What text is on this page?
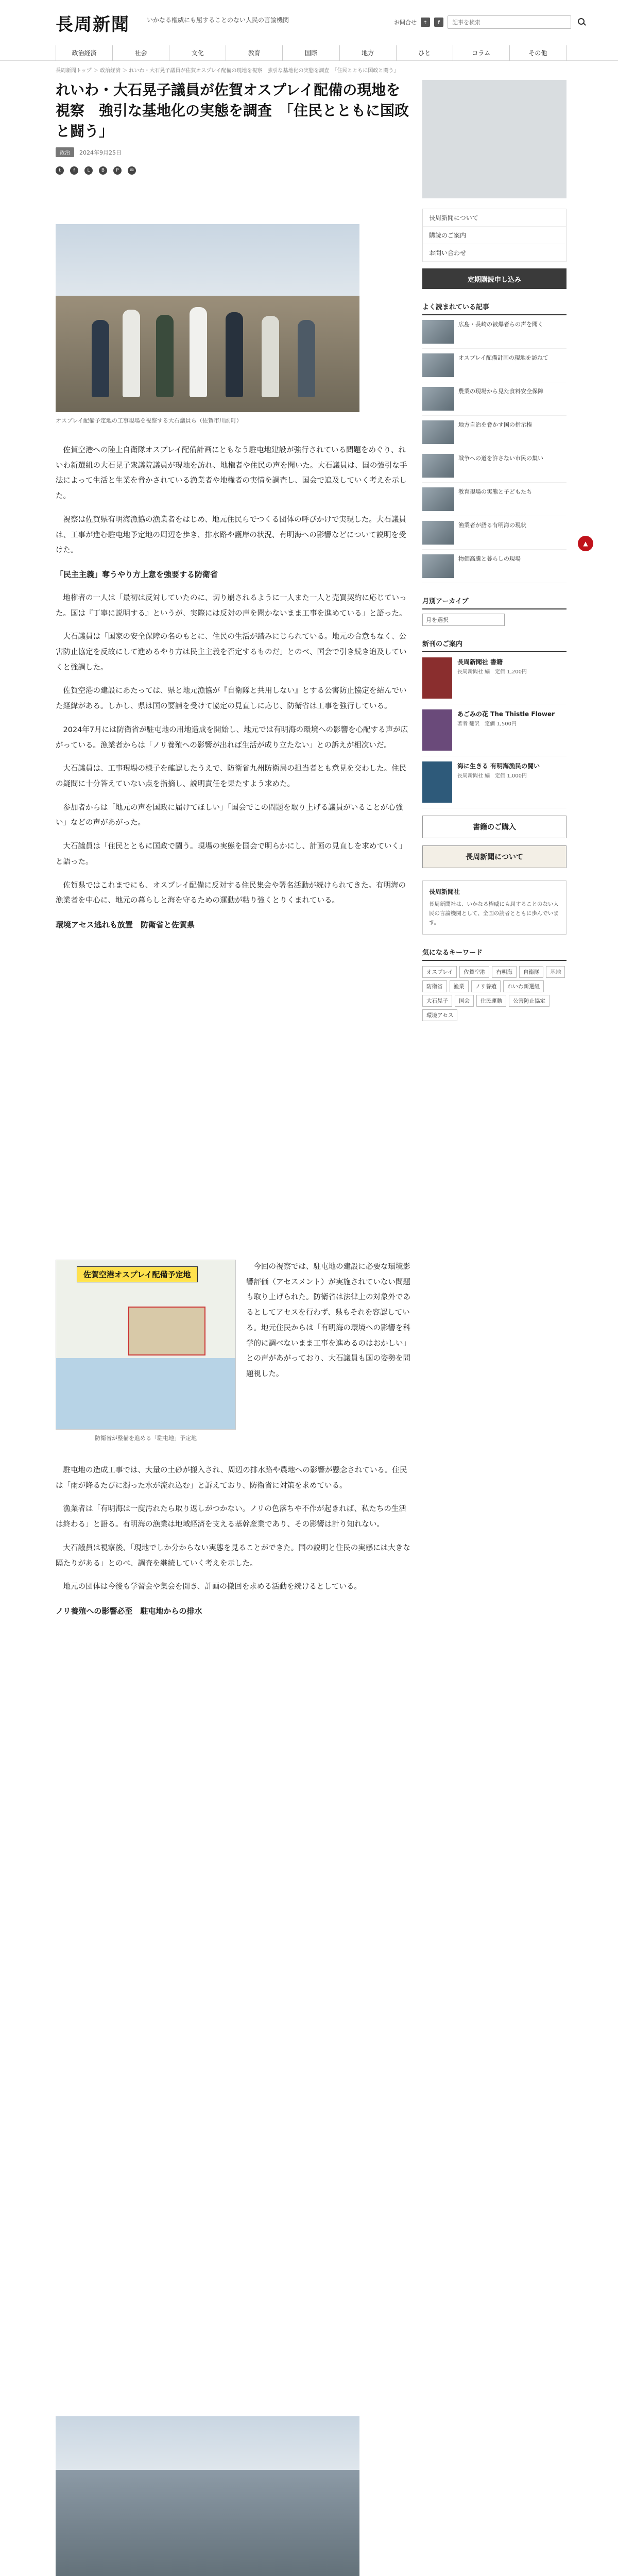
長周新聞	いかなる権威にも屈することのない人民の言論機関	お問合せ	t	f
記事を検索
政治経済	社会	文化	教育	国際	地方	ひと	コラム	その他
長周新聞トップ ＞ 政治経済 ＞ れいわ・大石晃子議員が佐賀オスプレイ配備の現地を視察　強引な基地化の実態を調査　「住民とともに国政と闘う」
れいわ・大石晃子議員が佐賀オスプレイ配備の現地を視察　強引な基地化の実態を調査　「住民とともに国政と闘う」
政治	2024年9月25日
t	f	L	B	P	✉
オスプレイ配備予定地の工事現場を視察する大石議員ら（佐賀市川副町）

佐賀空港への陸上自衛隊オスプレイ配備計画にともなう駐屯地建設が強行されている問題をめぐり、れいわ新選組の大石晃子衆議院議員が現地を訪れ、地権者や住民の声を聞いた。大石議員は、国の強引な手法によって生活と生業を脅かされている漁業者や地権者の実情を調査し、国会で追及していく考えを示した。

視察は佐賀県有明海漁協の漁業者をはじめ、地元住民らでつくる団体の呼びかけで実現した。大石議員は、工事が進む駐屯地予定地の周辺を歩き、排水路や護岸の状況、有明海への影響などについて説明を受けた。

「民主主義」奪うやり方上意を強要する防衛省

地権者の一人は「最初は反対していたのに、切り崩されるように一人また一人と売買契約に応じていった。国は『丁寧に説明する』というが、実際には反対の声を聞かないまま工事を進めている」と語った。

大石議員は「国家の安全保障の名のもとに、住民の生活が踏みにじられている。地元の合意もなく、公害防止協定を反故にして進めるやり方は民主主義を否定するものだ」とのべ、国会で引き続き追及していくと強調した。

佐賀空港の建設にあたっては、県と地元漁協が『自衛隊と共用しない』とする公害防止協定を結んでいた経緯がある。しかし、県は国の要請を受けて協定の見直しに応じ、防衛省は工事を強行している。

2024年7月には防衛省が駐屯地の用地造成を開始し、地元では有明海の環境への影響を心配する声が広がっている。漁業者からは「ノリ養殖への影響が出れば生活が成り立たない」との訴えが相次いだ。

大石議員は、工事現場の様子を確認したうえで、防衛省九州防衛局の担当者とも意見を交わした。住民の疑問に十分答えていない点を指摘し、説明責任を果たすよう求めた。

参加者からは「地元の声を国政に届けてほしい」「国会でこの問題を取り上げる議員がいることが心強い」などの声があがった。

大石議員は「住民とともに国政で闘う。現場の実態を国会で明らかにし、計画の見直しを求めていく」と語った。

佐賀県ではこれまでにも、オスプレイ配備に反対する住民集会や署名活動が続けられてきた。有明海の漁業者を中心に、地元の暮らしと海を守るための運動が粘り強くとりくまれている。

環境アセス逃れも放置　防衛省と佐賀県

佐賀空港オスプレイ配備予定地
防衛省が整備を進める「駐屯地」予定地

今回の視察では、駐屯地の建設に必要な環境影響評価（アセスメント）が実施されていない問題も取り上げられた。防衛省は法律上の対象外であるとしてアセスを行わず、県もそれを容認している。地元住民からは「有明海の環境への影響を科学的に調べないまま工事を進めるのはおかしい」との声があがっており、大石議員も国の姿勢を問題視した。

駐屯地の造成工事では、大量の土砂が搬入され、周辺の排水路や農地への影響が懸念されている。住民は「雨が降るたびに濁った水が流れ込む」と訴えており、防衛省に対策を求めている。

漁業者は「有明海は一度汚れたら取り返しがつかない。ノリの色落ちや不作が起きれば、私たちの生活は終わる」と語る。有明海の漁業は地域経済を支える基幹産業であり、その影響は計り知れない。

大石議員は視察後、「現地でしか分からない実態を見ることができた。国の説明と住民の実感には大きな隔たりがある」とのべ、調査を継続していく考えを示した。

地元の団体は今後も学習会や集会を開き、計画の撤回を求める活動を続けるとしている。

ノリ養殖への影響必至　駐屯地からの排水

長周新聞について
購読のご案内
お問い合わせ
定期購読申し込み
よく読まれている記事
広島・長崎の被爆者らの声を聞く
オスプレイ配備計画の現地を訪ねて
農業の現場から見た食料安全保障
地方自治を脅かす国の指示権
戦争への道を許さない市民の集い
教育現場の実態と子どもたち
漁業者が語る有明海の現状
物価高騰と暮らしの現場
月別アーカイブ
月を選択
新刊のご案内
長周新聞社 書籍
長周新聞社 編　定価 1,200円
あごみの花 The Thistle Flower
著者 翻訳　定価 1,500円
海に生きる 有明海漁民の闘い
長周新聞社 編　定価 1,000円
書籍のご購入
長周新聞について
長周新聞社
長周新聞社は、いかなる権威にも屈することのない人民の言論機関として、全国の読者とともに歩んでいます。
気になるキーワード
オスプレイ	佐賀空港	有明海	自衛隊	基地
防衛省	漁業	ノリ養殖	れいわ新選組
大石晃子	国会	住民運動	公害防止協定
環境アセス
▲
